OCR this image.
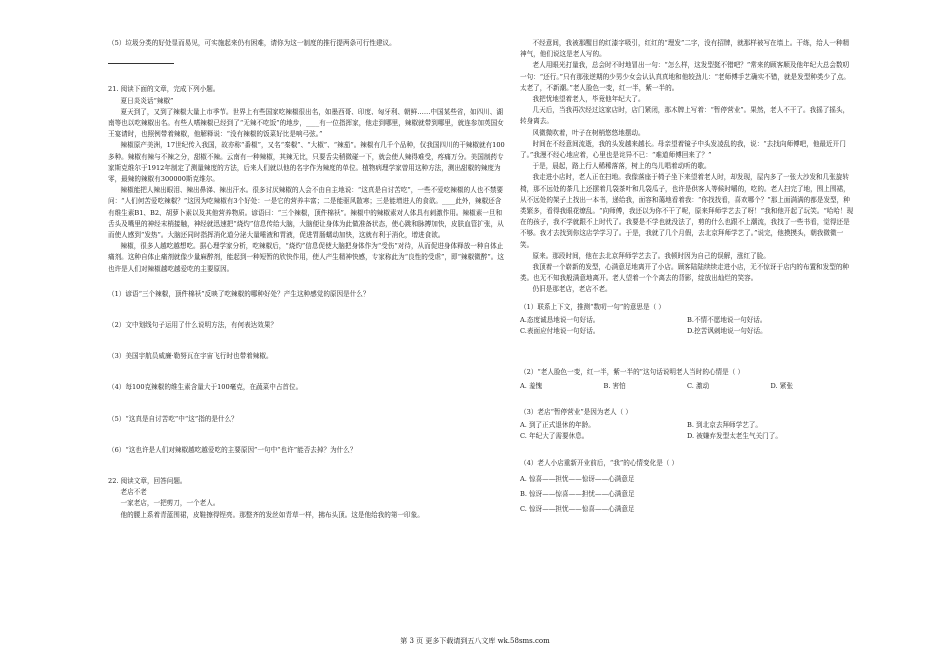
（5）垃圾分类的好处显而易见，可实施起来仍有困难，请你为这一制度的推行提两条可行性建议。

21. 阅读下面的文章，完成下列小题。

夏日炎炎话“辣椒”

夏天到了，又到了辣椒大量上市季节。世界上有些国家吃辣椒很出名，如墨西哥、印度、匈牙利、朝鲜……中国某些省，如四川、湖南等也以吃辣椒出名。有些人嗜辣椒已经到了“无辣不吃饭”的地步，____有一位指挥家，他走到哪里，辣椒就带到哪里，就连参加英国女王宴请时，也照例带着辣椒，他解释说：“没有辣椒的饭菜好比是响弓弦。”

辣椒原产美洲，17世纪传入我国，故亦称“番椒”，又名“秦椒”、“大椒”、“辣茄”。辣椒有几千个品种，仅我国四川的干辣椒就有100多种。辣椒有辣与不辣之分，甜椒不辣。云南有一种辣椒，其辣无比，只要舌尖稍微碰一下，就会使人辣得难受，疼痛万分。美国制药专家斯克维尔于1912年制定了测量辣度的方法，后来人们就以他的名字作为辣度的单位。植物病理学家曾用这种方法，测出甜椒的辣度为零，最辣的辣椒有300000斯克维尔。

辣椒能把人辣出眼泪、辣出鼻涕、辣出汗水。很多讨厌辣椒的人会不由自主地说：“这真是自讨苦吃”，一些不爱吃辣椒的人也不禁要问：“人们何苦爱吃辣椒？”这因为吃辣椒有3个好处：一是它的营养丰富；二是能驱风散寒；三是能增进人的食欲。____此外，辣椒还含有维生素B1、B2、胡萝卜素以及其他营养物质。谚语曰：“三个辣椒，顶件棉袄”。辣椒中的辣椒素对人体具有刺激作用。辣椒素一旦和舌头及嘴里的神经末梢接触，神经就迅速把“烧灼”信息传给大脑，大脑便让身体为此做准备状态，使心跳和脉搏加快，皮肤血管扩张，从而使人感到“发热”。大脑还同时指挥消化道分泌大量唾液和胃液，促进胃肠蠕动加快，这就有利于消化，增进食欲。

辣椒，很多人越吃越想吃。据心理学家分析，吃辣椒后，“烧灼”信息促使大脑把身体作为“受伤”对待，从而促进身体释放一种自体止痛剂。这种自体止痛剂就像少量麻醉剂，能起到一种短暂的欣快作用，使人产生精神快感，专家称此为“良性的受虐”，即“辣椒微醉”。这也许是人们对辣椒越吃越爱吃的主要原因。

（1）谚语“三个辣椒，顶件棉袄”反映了吃辣椒的哪种好处？产生这种感觉的原因是什么？

（2）文中划线句子运用了什么说明方法，有何表达效果？

（3）美国宇航员威廉·勒努瓦在宇宙飞行时也带着辣椒。

（4）每100克辣椒的维生素含量大于100毫克，在蔬菜中占首位。

（5）“这真是自讨苦吃”中“这”指的是什么？

（6）“这也许是人们对辣椒越吃越爱吃的主要原因”一句中“也许”能否去掉？为什么？

22. 阅读文章，回答问题。

老店不老

一家老店，一把剪刀，一个老人。

他的腰上系着青蓝围裙，皮鞋擦得锃亮。那整齐的发丝如青草一样，拂布头顶。这是他给我的第一印象。

不经意间，我被那醒目的红漆字吸引，红红的“理发”二字，没有招牌，就那样被写在墙上。干练，给人一种精神气，他们说这是老人写的。

老人用眼光打量我，总会时不时地冒出一句：“怎么样，这发型挺不错吧？”常来的顾客顺及他年纪大总会数叨一句：“还行。”只有那张逆期的少男少女会认认真真地和他较劲儿：“老师傅手艺确实不错，就是发型种类少了点。太老了，不新潮。”老人脸色一变，红一半，紫一半的。

我把忧地望着老人，毕竟他年纪大了。

几天后，当我再次经过这家店时，店门紧闭，那木牌上写着：“暂停营业”。果然，老人不干了。我摇了摇头，转身离去。

风微微吹着，叶子在树梢悠悠地摆动。

时间在不经意间流逝，我的头发越来越长。母亲望着镜子中头发凌乱的我，说：“去找向师傅吧，他最近开门了。”我漫不经心地应着，心里也是诧异不已：“难道师傅回来了？”

于是，晨起，路上行人稀稀落落，树上的鸟儿唱着动听的歌。

我走进小店时，老人正在扫地。我像落座于椅子坐下来望着老人时，却发现，屋内多了一张大沙发和几张旋转椅，那不远处的茶几上还摆着几袋茶叶和几袋瓜子，也许是供客人等候时嚼的，吃的。老人扫完了地，围上围裙，从不远处的架子上找出一本书，递给我，面容和蔼地看着我：“你找找看，喜欢哪个？”那上面满满的都是发型，种类繁多，看得我眼花缭乱。“向师傅，我还以为你不干了呢，原来拜师学艺去了呀！”我和他开起了玩笑。“哈哈！现在的孩子，我不学就跟不上时代了。我要是不学也就没法了，剪的什么也跟不上潮流，我找了一些书看，觉得还是不够。我才去找到你这店学学习了。于是，我就了几个月假，去北京拜师学艺了。”说完，他摸摸头，朝我微微一笑。

原来。那段时间，他在去北京拜师学艺去了。我顿时因为自己的误解，涨红了脸。

我顶着一个崭新的发型，心满意足地离开了小店。顾客陆陆续续走进小店，无不惊讶于店内的布置和发型的种类。也无不知我般满意地离开。老人望着一个个离去的背影，绽放出灿烂的笑容。

仍旧是那老店，老店不老。

（1）联系上下文，推测“数叨一句”的意思是（ ）

A.态度诚恳地说一句好话。	B.不情不愿地说一句好话。
C.表面应付地说一句好话。	D.挖苦讽刺地说一句好话。

（2）“老人脸色一变，红一半，紫一半的”这句话说明老人当时的心情是（ ）

A. 羞愧	B. 害怕	C. 激动	D. 紧张

（3）老店“暂停营业”是因为老人（ ）

A. 到了正式退休的年龄。	B. 到北京去拜师学艺了。
C. 年纪大了需要休息。	D. 被嫌弃发型太老生气关门了。

（4）老人小店重新开业前后，“我”的心情变化是（ ）

A. 惊喜——担忧——惊讶——心满意足

B. 惊讶——惊喜——担忧——心满意足

C. 惊讶——担忧——惊喜——心满意足

第 3 页 更多下载请到五八文库 wk.58sms.com
